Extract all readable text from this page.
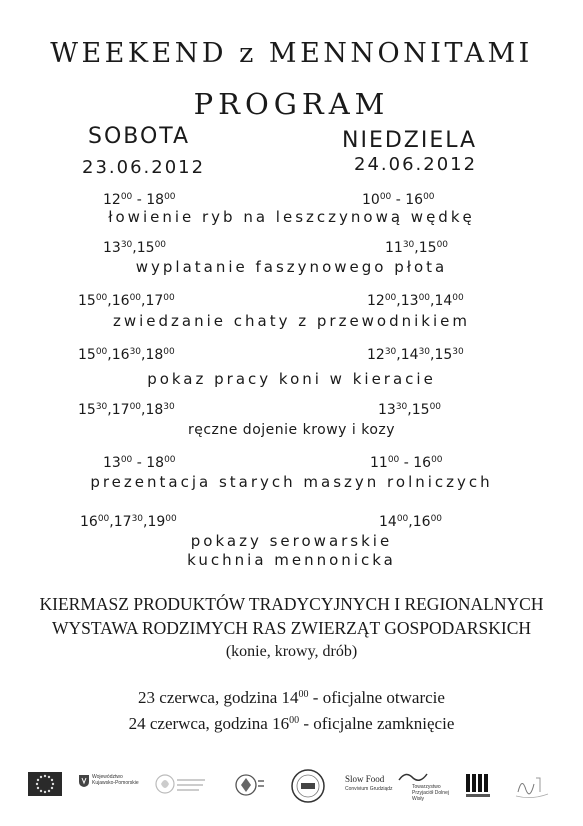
WEEKEND z MENNONITAMI
PROGRAM
SOBOTA
23.06.2012
NIEDZIELA
24.06.2012
$12^{00} - 18^{00}$	$10^{00} - 16^{00}$
łowienie ryb na leszczynową wędkę
$13^{30},15^{00}$	$11^{30},15^{00}$
wyplatanie faszynowego płota
$15^{00},16^{00},17^{00}$	$12^{00},13^{00},14^{00}$
zwiedzanie chaty z przewodnikiem
$15^{00},16^{30},18^{00}$	$12^{30},14^{30},15^{30}$
pokaz pracy koni w kieracie
$15^{30},17^{00},18^{30}$	$13^{30},15^{00}$
ręczne dojenie krowy i kozy
$13^{00} - 18^{00}$	$11^{00} - 16^{00}$
prezentacja starych maszyn rolniczych
$16^{00},17^{30},19^{00}$	$14^{00},16^{00}$
pokazy serowarskie
kuchnia mennonicka
KIERMASZ PRODUKTÓW TRADYCYJNYCH I REGIONALNYCH
WYSTAWA RODZIMYCH RAS ZWIERZĄT GOSPODARSKICH
(konie, krowy, drób)
23 czerwca, godzina $14^{00}$ - oficjalne otwarcie
24 czerwca, godzina $16^{00}$ - oficjalne zamknięcie
Województwo Kujawsko-Pomorskie	Slow Food
Convivium Grudziądz	Towarzystwo Przyjaciół Dolnej Wisły
